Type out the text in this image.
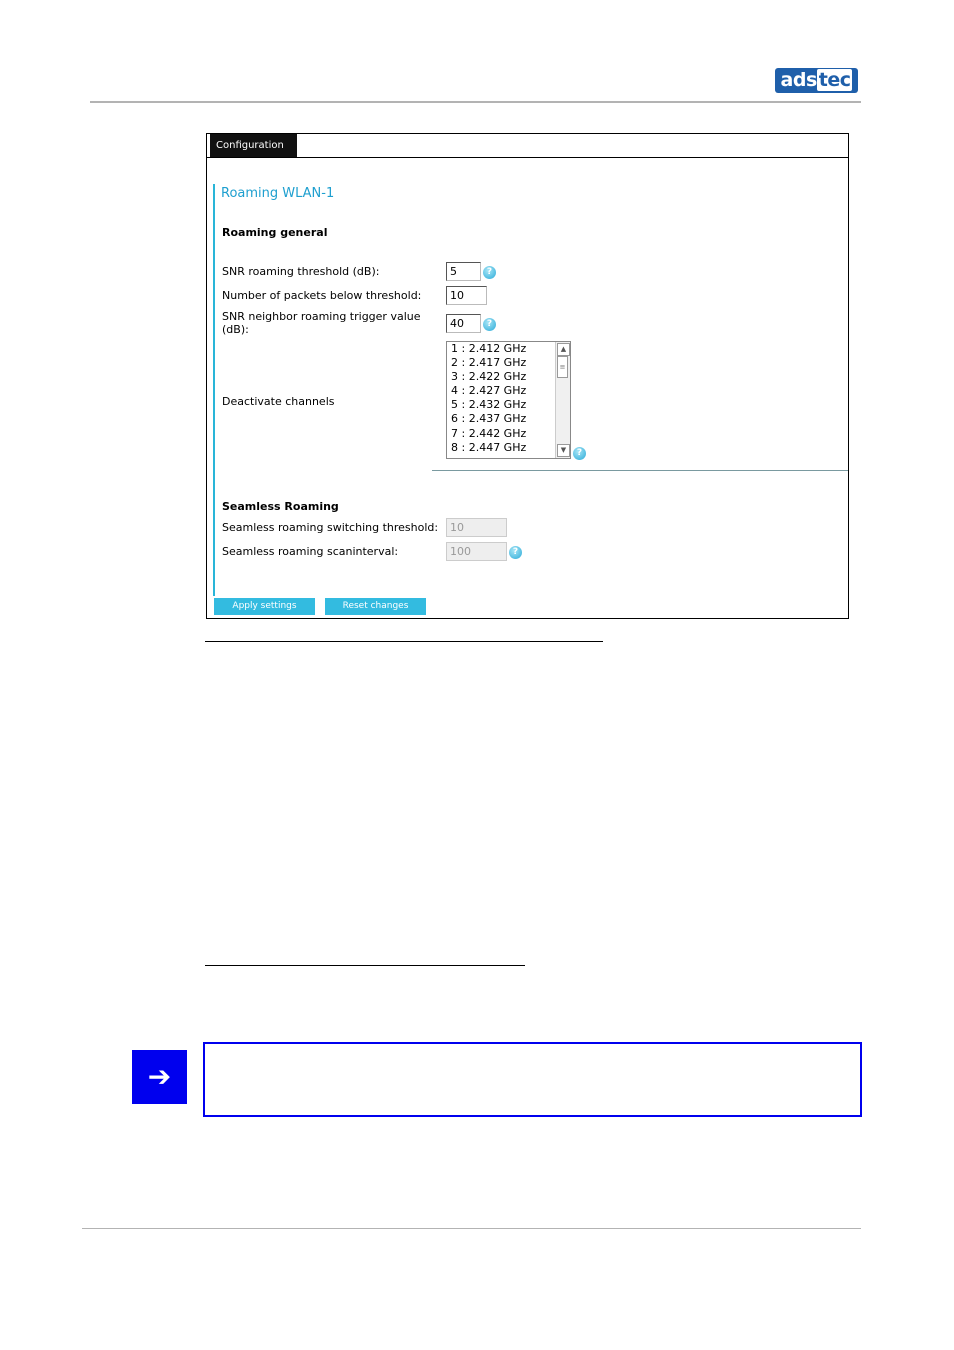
ads tec
Configuration
Roaming WLAN-1
Roaming general
SNR roaming threshold (dB):	5	?
Number of packets below threshold:	10
SNR neighbor roaming trigger value
(dB):	40	?
Deactivate channels
1 : 2.412 GHz
2 : 2.417 GHz
3 : 2.422 GHz
4 : 2.427 GHz
5 : 2.432 GHz
6 : 2.437 GHz
7 : 2.442 GHz
8 : 2.447 GHz
▲
≡
▼	?
Seamless Roaming
Seamless roaming switching threshold:	10
Seamless roaming scaninterval:	100	?
Apply settings	Reset changes
➔
